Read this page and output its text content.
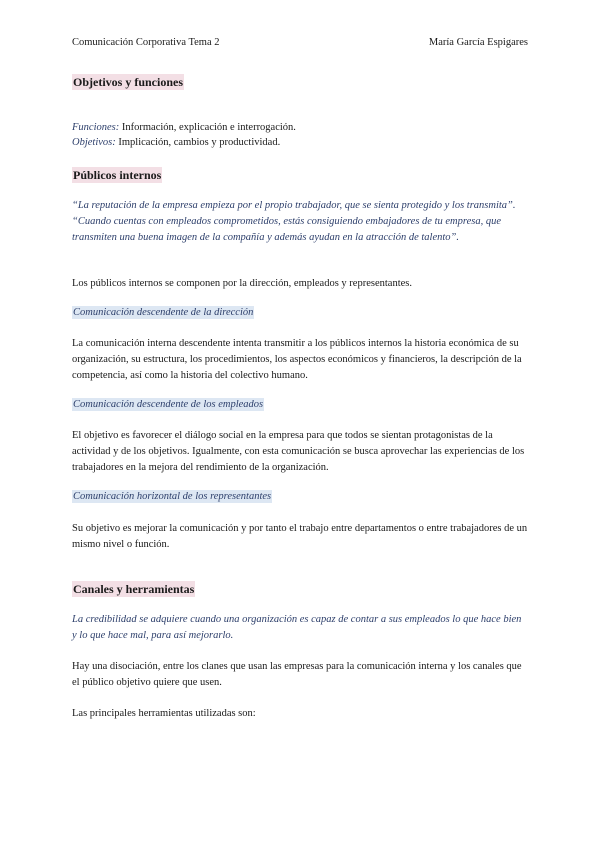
Comunicación Corporativa Tema 2	María García Espigares
Objetivos y funciones
Funciones: Información, explicación e interrogación.
Objetivos: Implicación, cambios y productividad.
Públicos internos
“La reputación de la empresa empieza por el propio trabajador, que se sienta protegido y los transmita”. “Cuando cuentas con empleados comprometidos, estás consiguiendo embajadores de tu empresa, que transmiten una buena imagen de la compañía y además ayudan en la atracción de talento”.
Los públicos internos se componen por la dirección, empleados y representantes.
Comunicación descendente de la dirección
La comunicación interna descendente intenta transmitir a los públicos internos la historia económica de su organización, su estructura, los procedimientos, los aspectos económicos y financieros, la descripción de la competencia, así como la historia del colectivo humano.
Comunicación descendente de los empleados
El objetivo es favorecer el diálogo social en la empresa para que todos se sientan protagonistas de la actividad y de los objetivos. Igualmente, con esta comunicación se busca aprovechar las experiencias de los trabajadores en la mejora del rendimiento de la organización.
Comunicación horizontal de los representantes
Su objetivo es mejorar la comunicación y por tanto el trabajo entre departamentos o entre trabajadores de un mismo nivel o función.
Canales y herramientas
La credibilidad se adquiere cuando una organización es capaz de contar a sus empleados lo que hace bien y lo que hace mal, para así mejorarlo.
Hay una disociación, entre los clanes que usan las empresas para la comunicación interna y los canales que el público objetivo quiere que usen.
Las principales herramientas utilizadas son:
